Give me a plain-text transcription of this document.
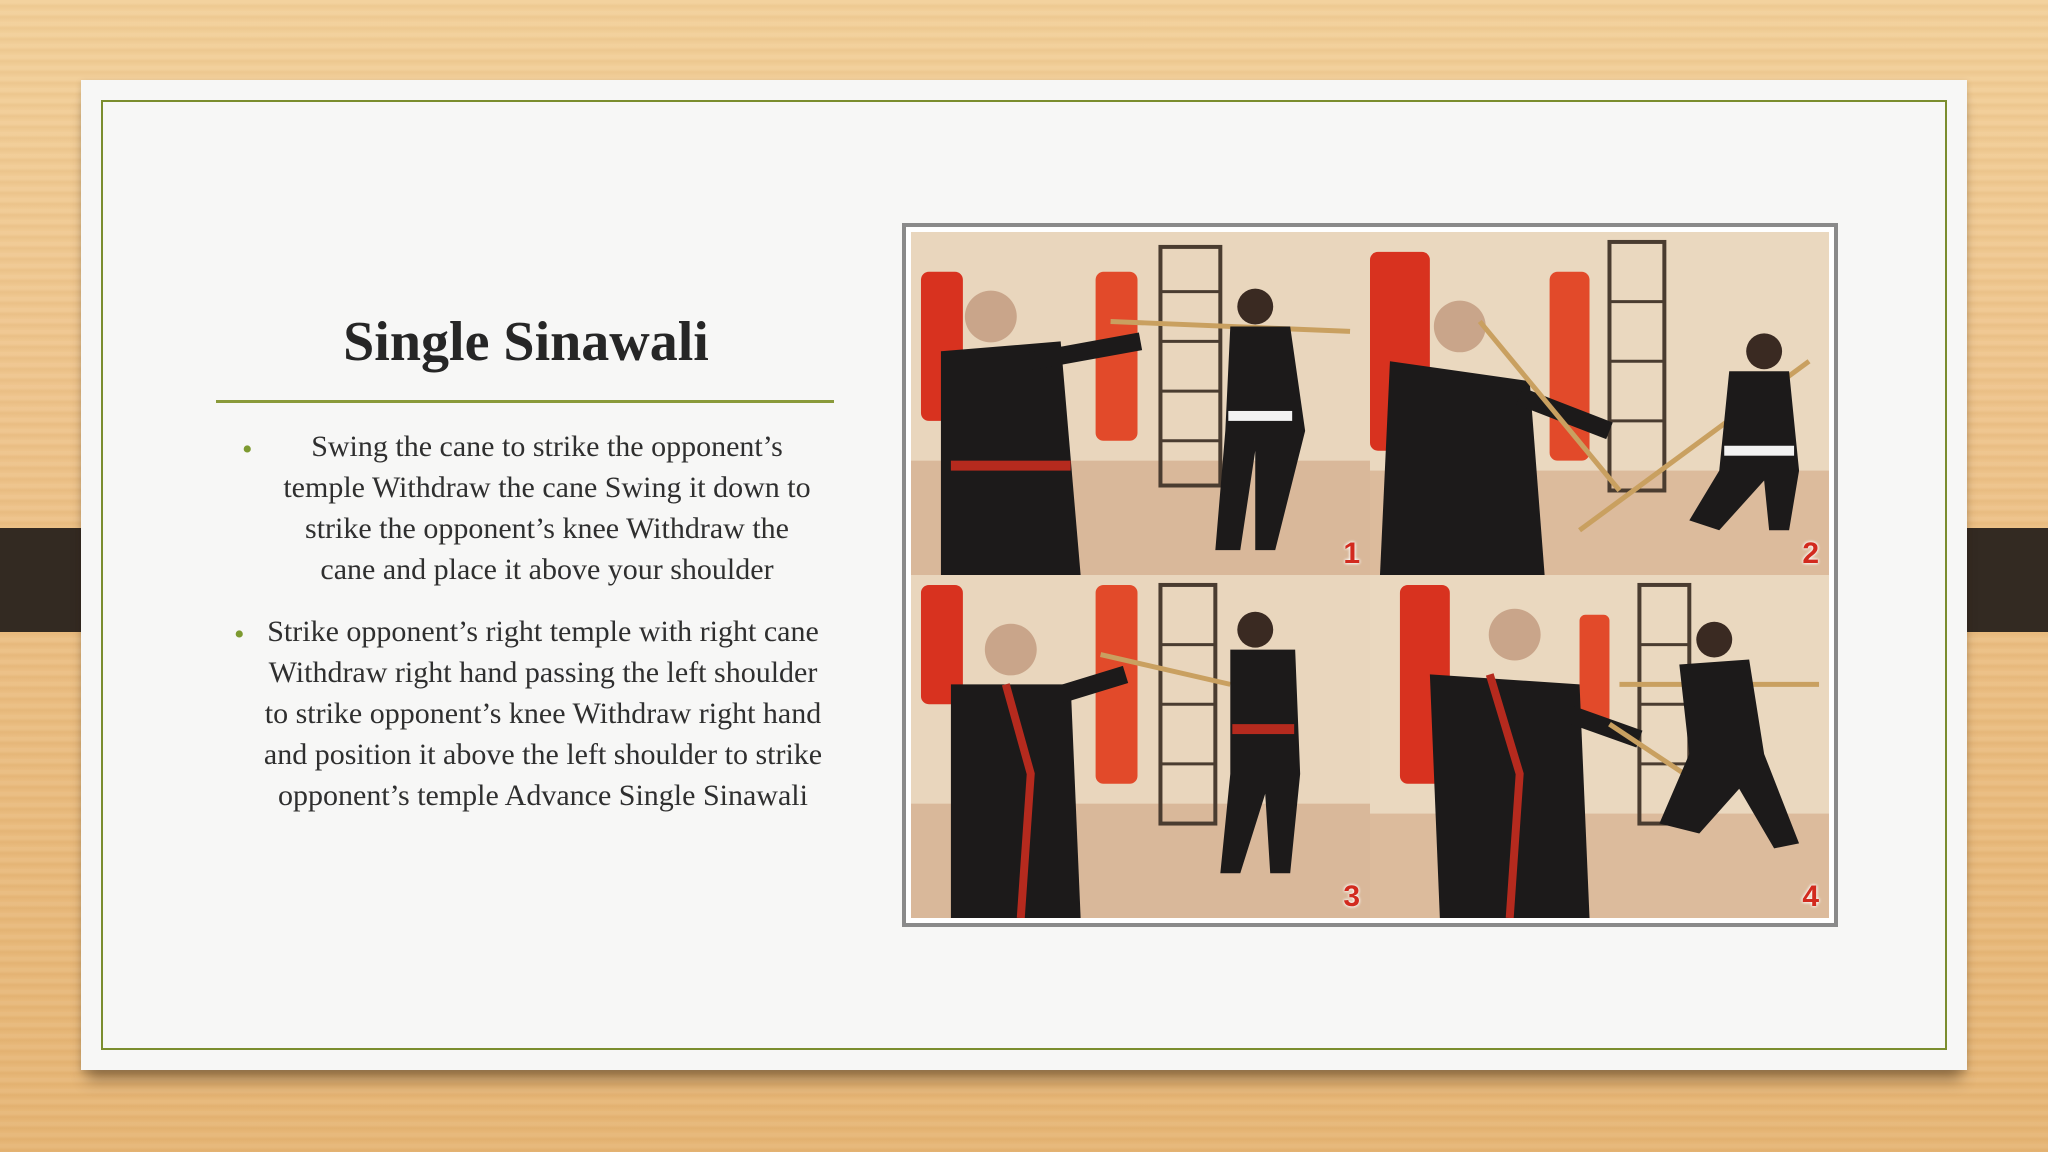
Single Sinawali
•	Swing the cane to strike the opponent’s temple Withdraw the cane Swing it down to strike the opponent’s knee Withdraw the cane and place it above your shoulder
• Strike opponent’s right temple with right cane Withdraw right hand passing the left shoulder to strike opponent’s knee Withdraw right hand and position it above the left shoulder to strike opponent’s temple Advance Single Sinawali
1	2
3	4
